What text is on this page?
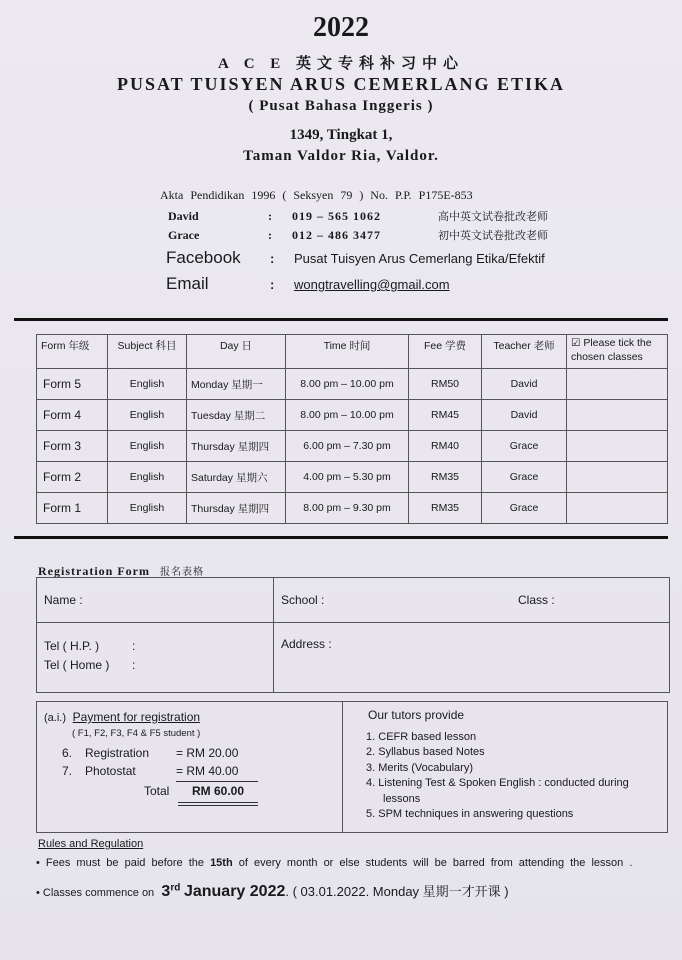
2022
A C E 英文专科补习中心
PUSAT TUISYEN ARUS CEMERLANG ETIKA
( Pusat Bahasa Inggeris )
1349, Tingkat 1,
Taman Valdor Ria, Valdor.
Akta Pendidikan 1996 ( Seksyen 79 ) No. P.P. P175E-853
David	: 019 – 565 1062	高中英文试卷批改老师
Grace	: 012 – 486 3477	初中英文试卷批改老师
Facebook : Pusat Tuisyen Arus Cemerlang Etika/Efektif
Email	: wongtravelling@gmail.com
Form 年级	Subject 科目	Day 日	Time 时间	Fee 学费	Teacher 老师	☑ Please tick the chosen classes
Form 5	English	Monday 星期一	8.00 pm – 10.00 pm	RM50	David	
Form 4	English	Tuesday 星期二	8.00 pm – 10.00 pm	RM45	David	
Form 3	English	Thursday 星期四	6.00 pm – 7.30 pm	RM40	Grace	
Form 2	English	Saturday 星期六	4.00 pm – 5.30 pm	RM35	Grace	
Form 1	English	Thursday 星期四	8.00 pm – 9.30 pm	RM35	Grace	
Registration Form 报名表格
Name :	School :	Class :
Tel ( H.P. )	:
Tel ( Home ) :
Address :
(a.i.) Payment for registration
( F1, F2, F3, F4 & F5 student )
6. Registration = RM 20.00
7. Photostat	= RM 40.00
Total RM 60.00
Our tutors provide
1. CEFR based lesson
2. Syllabus based Notes
3. Merits (Vocabulary)
4. Listening Test & Spoken English : conducted during lessons
5. SPM techniques in answering questions
Rules and Regulation
• Fees must be paid before the 15th of every month or else students will be barred from attending the lesson .
• Classes commence on 3rd January 2022. ( 03.01.2022. Monday 星期一才开课 )
